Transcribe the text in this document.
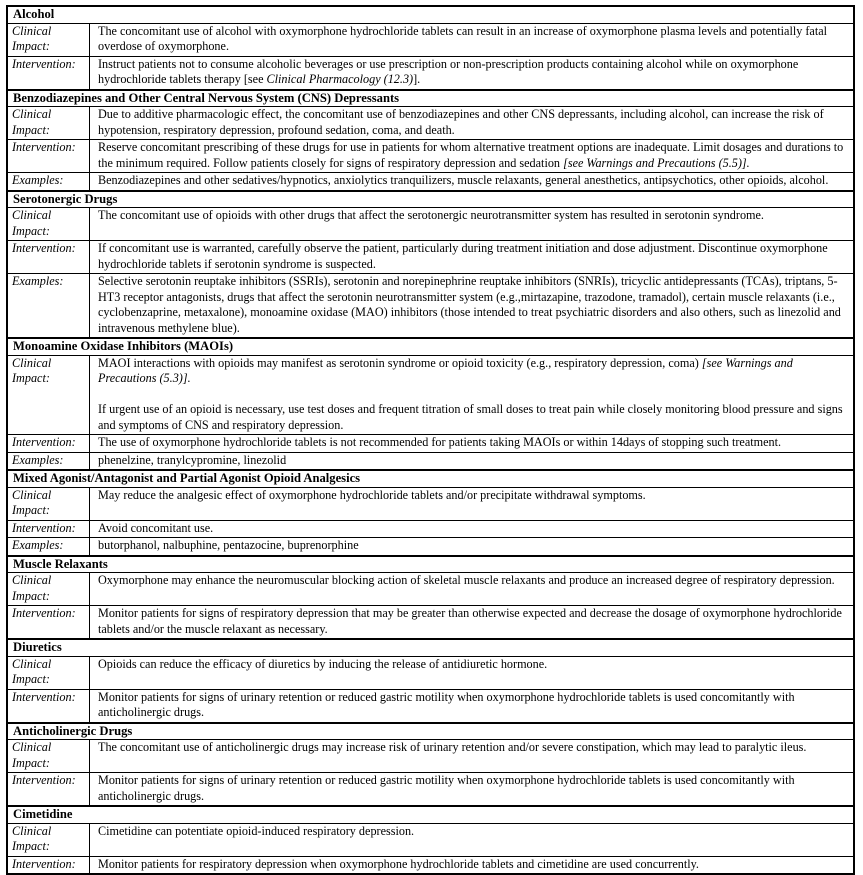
Alcohol
Clinical Impact:

The concomitant use of alcohol with oxymorphone hydrochloride tablets can result in an increase of oxymorphone plasma levels and potentially fatal overdose of oxymorphone.

Intervention:	Instruct patients not to consume alcoholic beverages or use prescription or non-prescription products containing alcohol while on oxymorphone hydrochloride tablets therapy [see Clinical Pharmacology (12.3)].

Benzodiazepines and Other Central Nervous System (CNS) Depressants
Clinical Impact:

Due to additive pharmacologic effect, the concomitant use of benzodiazepines and other CNS depressants, including alcohol, can increase the risk of hypotension, respiratory depression, profound sedation, coma, and death.

Intervention:	Reserve concomitant prescribing of these drugs for use in patients for whom alternative treatment options are inadequate. Limit dosages and durations to the minimum required. Follow patients closely for signs of respiratory depression and sedation [see Warnings and Precautions (5.5)].

Examples:	Benzodiazepines and other sedatives/hypnotics, anxiolytics tranquilizers, muscle relaxants, general anesthetics, antipsychotics, other opioids, alcohol.

Serotonergic Drugs
Clinical Impact:

The concomitant use of opioids with other drugs that affect the serotonergic neurotransmitter system has resulted in serotonin syndrome.

Intervention:	If concomitant use is warranted, carefully observe the patient, particularly during treatment initiation and dose adjustment. Discontinue oxymorphone hydrochloride tablets if serotonin syndrome is suspected.

Examples:	Selective serotonin reuptake inhibitors (SSRIs), serotonin and norepinephrine reuptake inhibitors (SNRIs), tricyclic antidepressants (TCAs), triptans, 5-HT3 receptor antagonists, drugs that affect the serotonin neurotransmitter system (e.g.,mirtazapine, trazodone, tramadol), certain muscle relaxants (i.e., cyclobenzaprine, metaxalone), monoamine oxidase (MAO) inhibitors (those intended to treat psychiatric disorders and also others, such as linezolid and intravenous methylene blue).

Monoamine Oxidase Inhibitors (MAOIs)
Clinical Impact:

MAOI interactions with opioids may manifest as serotonin syndrome or opioid toxicity (e.g., respiratory depression, coma) [see Warnings and Precautions (5.3)].

If urgent use of an opioid is necessary, use test doses and frequent titration of small doses to treat pain while closely monitoring blood pressure and signs and symptoms of CNS and respiratory depression.

Intervention:	The use of oxymorphone hydrochloride tablets is not recommended for patients taking MAOIs or within 14days of stopping such treatment.

Examples:	phenelzine, tranylcypromine, linezolid

Mixed Agonist/Antagonist and Partial Agonist Opioid Analgesics
Clinical Impact:

May reduce the analgesic effect of oxymorphone hydrochloride tablets and/or precipitate withdrawal symptoms.

Intervention:	Avoid concomitant use.

Examples:	butorphanol, nalbuphine, pentazocine, buprenorphine

Muscle Relaxants
Clinical Impact:

Oxymorphone may enhance the neuromuscular blocking action of skeletal muscle relaxants and produce an increased degree of respiratory depression.

Intervention:	Monitor patients for signs of respiratory depression that may be greater than otherwise expected and decrease the dosage of oxymorphone hydrochloride tablets and/or the muscle relaxant as necessary.

Diuretics
Clinical Impact:

Opioids can reduce the efficacy of diuretics by inducing the release of antidiuretic hormone.

Intervention:	Monitor patients for signs of urinary retention or reduced gastric motility when oxymorphone hydrochloride tablets is used concomitantly with anticholinergic drugs.

Anticholinergic Drugs
Clinical Impact:

The concomitant use of anticholinergic drugs may increase risk of urinary retention and/or severe constipation, which may lead to paralytic ileus.

Intervention:	Monitor patients for signs of urinary retention or reduced gastric motility when oxymorphone hydrochloride tablets is used concomitantly with anticholinergic drugs.

Cimetidine
Clinical Impact:

Cimetidine can potentiate opioid-induced respiratory depression.

Intervention:	Monitor patients for respiratory depression when oxymorphone hydrochloride tablets and cimetidine are used concurrently.
